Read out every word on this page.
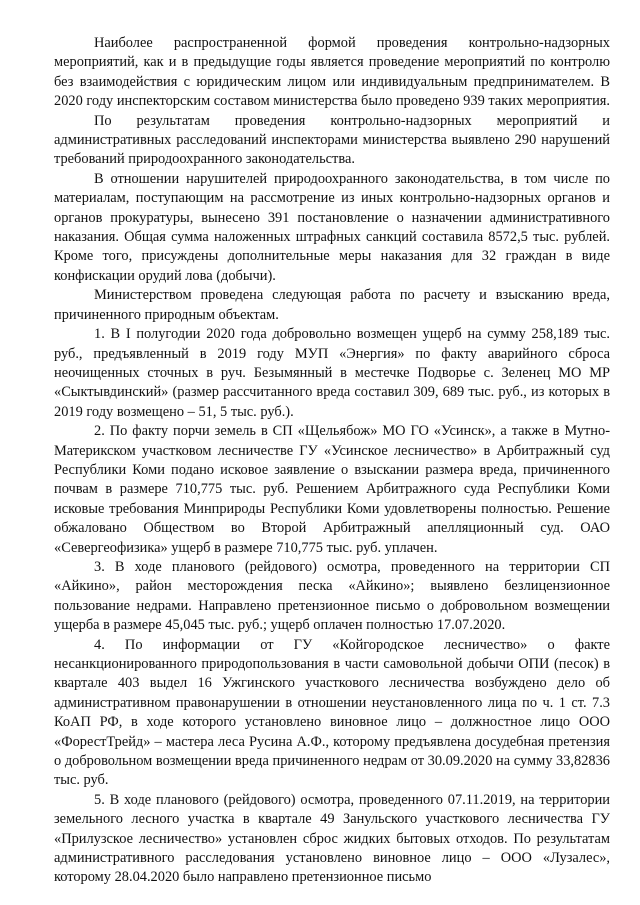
Наиболее распространенной формой проведения контрольно-надзорных мероприятий, как и в предыдущие годы является проведение мероприятий по контролю без взаимодействия с юридическим лицом или индивидуальным предпринимателем. В 2020 году инспекторским составом министерства было проведено 939 таких мероприятия.

По результатам проведения контрольно-надзорных мероприятий и административных расследований инспекторами министерства выявлено 290 нарушений требований природоохранного законодательства.

В отношении нарушителей природоохранного законодательства, в том числе по материалам, поступающим на рассмотрение из иных контрольно-надзорных органов и органов прокуратуры, вынесено 391 постановление о назначении административного наказания. Общая сумма наложенных штрафных санкций составила 8572,5 тыс. рублей. Кроме того, присуждены дополнительные меры наказания для 32 граждан в виде конфискации орудий лова (добычи).

Министерством проведена следующая работа по расчету и взысканию вреда, причиненного природным объектам.

1. В I полугодии 2020 года добровольно возмещен ущерб на сумму 258,189 тыс. руб., предъявленный в 2019 году МУП «Энергия» по факту аварийного сброса неочищенных сточных в руч. Безымянный в местечке Подворье с. Зеленец МО МР «Сыктывдинский» (размер рассчитанного вреда составил 309, 689 тыс. руб., из которых в 2019 году возмещено – 51, 5 тыс. руб.).

2. По факту порчи земель в СП «Щельябож» МО ГО «Усинск», а также в Мутно-Материкском участковом лесничестве ГУ «Усинское лесничество» в Арбитражный суд Республики Коми подано исковое заявление о взыскании размера вреда, причиненного почвам в размере 710,775 тыс. руб. Решением Арбитражного суда Республики Коми исковые требования Минприроды Республики Коми удовлетворены полностью. Решение обжаловано Обществом во Второй Арбитражный апелляционный суд. ОАО «Севергеофизика» ущерб в размере 710,775 тыс. руб. уплачен.

3. В ходе планового (рейдового) осмотра, проведенного на территории СП «Айкино», район месторождения песка «Айкино»; выявлено безлицензионное пользование недрами. Направлено претензионное письмо о добровольном возмещении ущерба в размере 45,045 тыс. руб.; ущерб оплачен полностью 17.07.2020.

4. По информации от ГУ «Койгородское лесничество» о факте несанкционированного природопользования в части самовольной добычи ОПИ (песок) в квартале 403 выдел 16 Ужгинского участкового лесничества возбуждено дело об административном правонарушении в отношении неустановленного лица по ч. 1 ст. 7.3 КоАП РФ, в ходе которого установлено виновное лицо – должностное лицо ООО «ФорестТрейд» – мастера леса Русина А.Ф., которому предъявлена досудебная претензия о добровольном возмещении вреда причиненного недрам от 30.09.2020 на сумму 33,82836 тыс. руб.

5. В ходе планового (рейдового) осмотра, проведенного 07.11.2019, на территории земельного лесного участка в квартале 49 Занульского участкового лесничества ГУ «Прилузское лесничество» установлен сброс жидких бытовых отходов. По результатам административного расследования установлено виновное лицо – ООО «Лузалес», которому 28.04.2020 было направлено претензионное письмо
